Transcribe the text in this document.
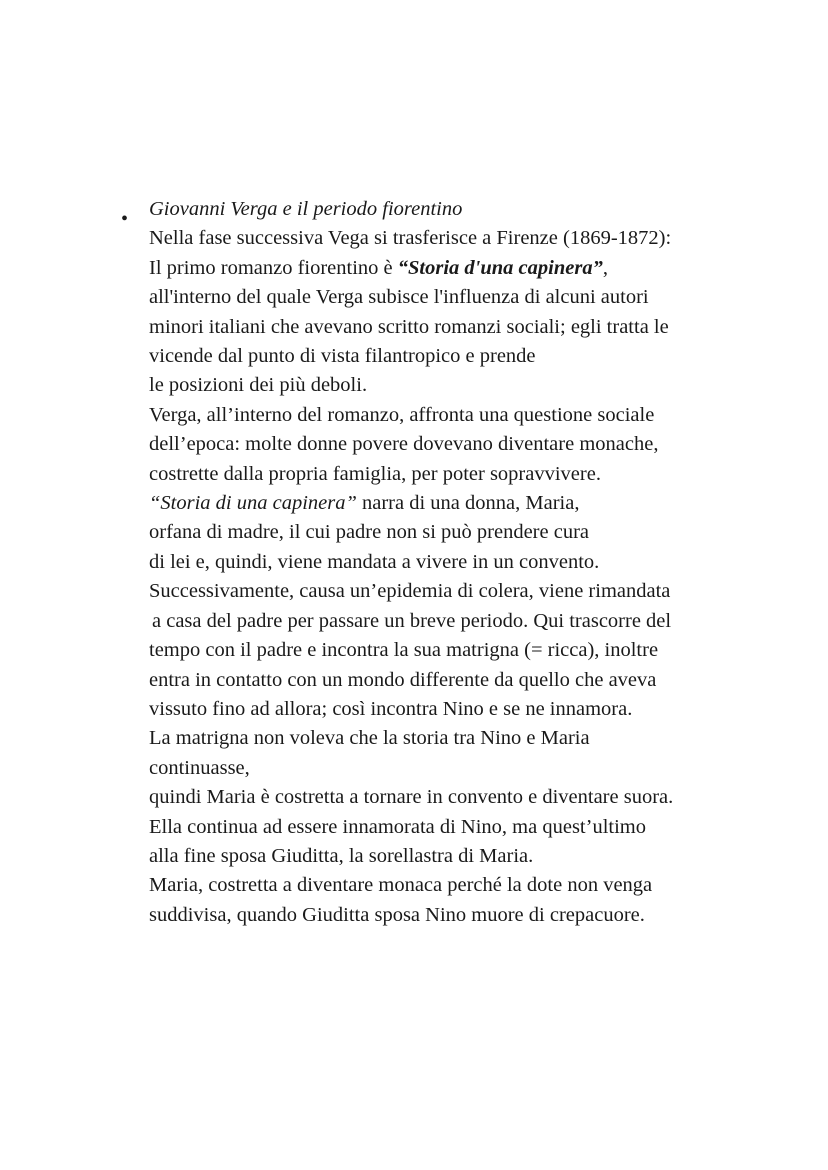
• Giovanni Verga e il periodo fiorentino
Nella fase successiva Vega si trasferisce a Firenze (1869-1872):
Il primo romanzo fiorentino è “Storia d'una capinera”,
all'interno del quale Verga subisce l'influenza di alcuni autori
minori italiani che avevano scritto romanzi sociali; egli tratta le
vicende dal punto di vista filantropico e prende
le posizioni dei più deboli.
Verga, all’interno del romanzo, affronta una questione sociale
dell’epoca: molte donne povere dovevano diventare monache,
costrette dalla propria famiglia, per poter sopravvivere.
“Storia di una capinera” narra di una donna, Maria,
orfana di madre, il cui padre non si può prendere cura
di lei e, quindi, viene mandata a vivere in un convento.
Successivamente, causa un’epidemia di colera, viene rimandata
a casa del padre per passare un breve periodo. Qui trascorre del
tempo con il padre e incontra la sua matrigna (= ricca), inoltre
entra in contatto con un mondo differente da quello che aveva
vissuto fino ad allora; così incontra Nino e se ne innamora.
La matrigna non voleva che la storia tra Nino e Maria
continuasse,
quindi Maria è costretta a tornare in convento e diventare suora.
Ella continua ad essere innamorata di Nino, ma quest’ultimo
alla fine sposa Giuditta, la sorellastra di Maria.
Maria, costretta a diventare monaca perché la dote non venga
suddivisa, quando Giuditta sposa Nino muore di crepacuore.
